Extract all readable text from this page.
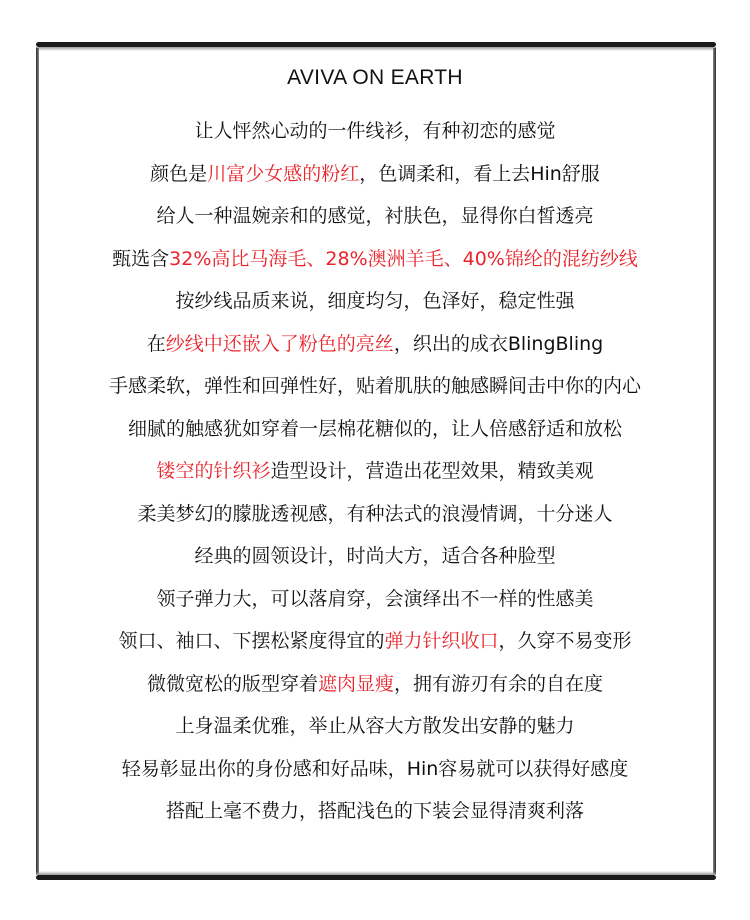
AVIVA ON EARTH
让人怦然心动的一件线衫，有种初恋的感觉
颜色是川富少女感的粉红，色调柔和，看上去Hin舒服
给人一种温婉亲和的感觉，衬肤色，显得你白皙透亮
甄选含32%高比马海毛、28%澳洲羊毛、40%锦纶的混纺纱线
按纱线品质来说，细度均匀，色泽好，稳定性强
在纱线中还嵌入了粉色的亮丝，织出的成衣BlingBling
手感柔软，弹性和回弹性好，贴着肌肤的触感瞬间击中你的内心
细腻的触感犹如穿着一层棉花糖似的，让人倍感舒适和放松
镂空的针织衫造型设计，营造出花型效果，精致美观
柔美梦幻的朦胧透视感，有种法式的浪漫情调，十分迷人
经典的圆领设计，时尚大方，适合各种脸型
领子弹力大，可以落肩穿，会演绎出不一样的性感美
领口、袖口、下摆松紧度得宜的弹力针织收口，久穿不易变形
微微宽松的版型穿着遮肉显瘦，拥有游刃有余的自在度
上身温柔优雅，举止从容大方散发出安静的魅力
轻易彰显出你的身份感和好品味，Hin容易就可以获得好感度
搭配上毫不费力，搭配浅色的下装会显得清爽利落
